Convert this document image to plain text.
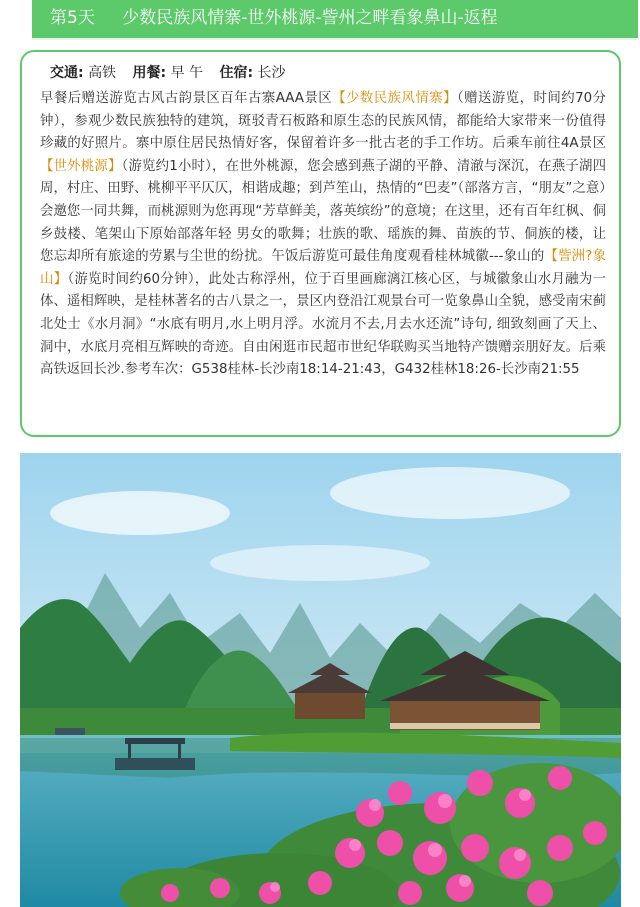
第5天 少数民族风情寨-世外桃源-訾州之畔看象鼻山-返程
交通: 高铁 用餐: 早 午 住宿: 长沙
早餐后赠送游览古风古韵景区百年古寨AAA景区【少数民族风情寨】（赠送游览，时间约70分钟），参观少数民族独特的建筑，斑驳青石板路和原生态的民族风情，都能给大家带来一份值得珍藏的好照片。寨中原住居民热情好客，保留着许多一批古老的手工作坊。后乘车前往4A景区【世外桃源】（游览约1小时），在世外桃源，您会感到燕子湖的平静、清澈与深沉，在燕子湖四周，村庄、田野、桃柳平平仄仄，相谐成趣；到芦笙山，热情的“巴麦”（部落方言，“朋友”之意）会邀您一同共舞，而桃源则为您再现“芳草鲜美，落英缤纷”的意境；在这里，还有百年红枫、侗乡鼓楼、笔架山下原始部落年轻 男女的歌舞；壮族的歌、瑶族的舞、苗族的节、侗族的楼，让您忘却所有旅途的劳累与尘世的纷扰。午饭后游览可最佳角度观看桂林城徽---象山的【訾洲?象山】（游览时间约60分钟），此处古称浮州，位于百里画廊漓江核心区，与城徽象山水月融为一体、遥相辉映，是桂林著名的古八景之一，景区内登沿江观景台可一览象鼻山全貌，感受南宋蓟北处士《水月洞》“水底有明月,水上明月浮。水流月不去,月去水还流”诗句, 细致刻画了天上、洞中，水底月亮相互辉映的奇迹。自由闲逛市民超市世纪华联购买当地特产馈赠亲朋好友。后乘高铁返回长沙.参考车次：G538桂林-长沙南18:14-21:43，G432桂林18:26-长沙南21:55
